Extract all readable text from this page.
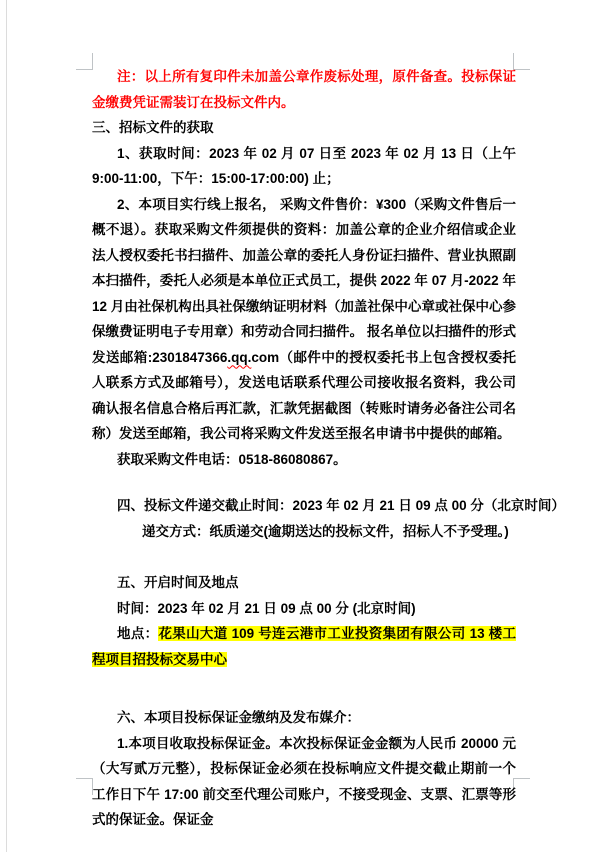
注：以上所有复印件未加盖公章作废标处理，原件备查。投标保证金缴费凭证需装订在投标文件内。

三、招标文件的获取

1、获取时间：2023 年 02 月 07 日至 2023 年 02 月 13 日（上午 9:00-11:00，下午：15:00-17:00:00) 止；

2、本项目实行线上报名， 采购文件售价：¥300（采购文件售后一概不退）。获取采购文件须提供的资料：加盖公章的企业介绍信或企业法人授权委托书扫描件、加盖公章的委托人身份证扫描件、营业执照副本扫描件，委托人必须是本单位正式员工，提供 2022 年 07 月-2022 年 12 月由社保机构出具社保缴纳证明材料（加盖社保中心章或社保中心参保缴费证明电子专用章）和劳动合同扫描件。 报名单位以扫描件的形式发送邮箱:2301847366.qq.com（邮件中的授权委托书上包含授权委托人联系方式及邮箱号），发送电话联系代理公司接收报名资料，我公司确认报名信息合格后再汇款，汇款凭据截图（转账时请务必备注公司名称）发送至邮箱，我公司将采购文件发送至报名申请书中提供的邮箱。

获取采购文件电话：0518-86080867。

四、投标文件递交截止时间：2023 年 02 月 21 日 09 点 00 分（北京时间）

递交方式：纸质递交(逾期送达的投标文件，招标人不予受理。)

五、开启时间及地点

时间：2023 年 02 月 21 日 09 点 00 分 (北京时间)

地点：花果山大道 109 号连云港市工业投资集团有限公司 13 楼工程项目招投标交易中心

六、本项目投标保证金缴纳及发布媒介：

1.本项目收取投标保证金。本次投标保证金金额为人民币 20000 元（大写贰万元整），投标保证金必须在投标响应文件提交截止期前一个工作日下午 17:00 前交至代理公司账户，不接受现金、支票、汇票等形式的保证金。保证金
